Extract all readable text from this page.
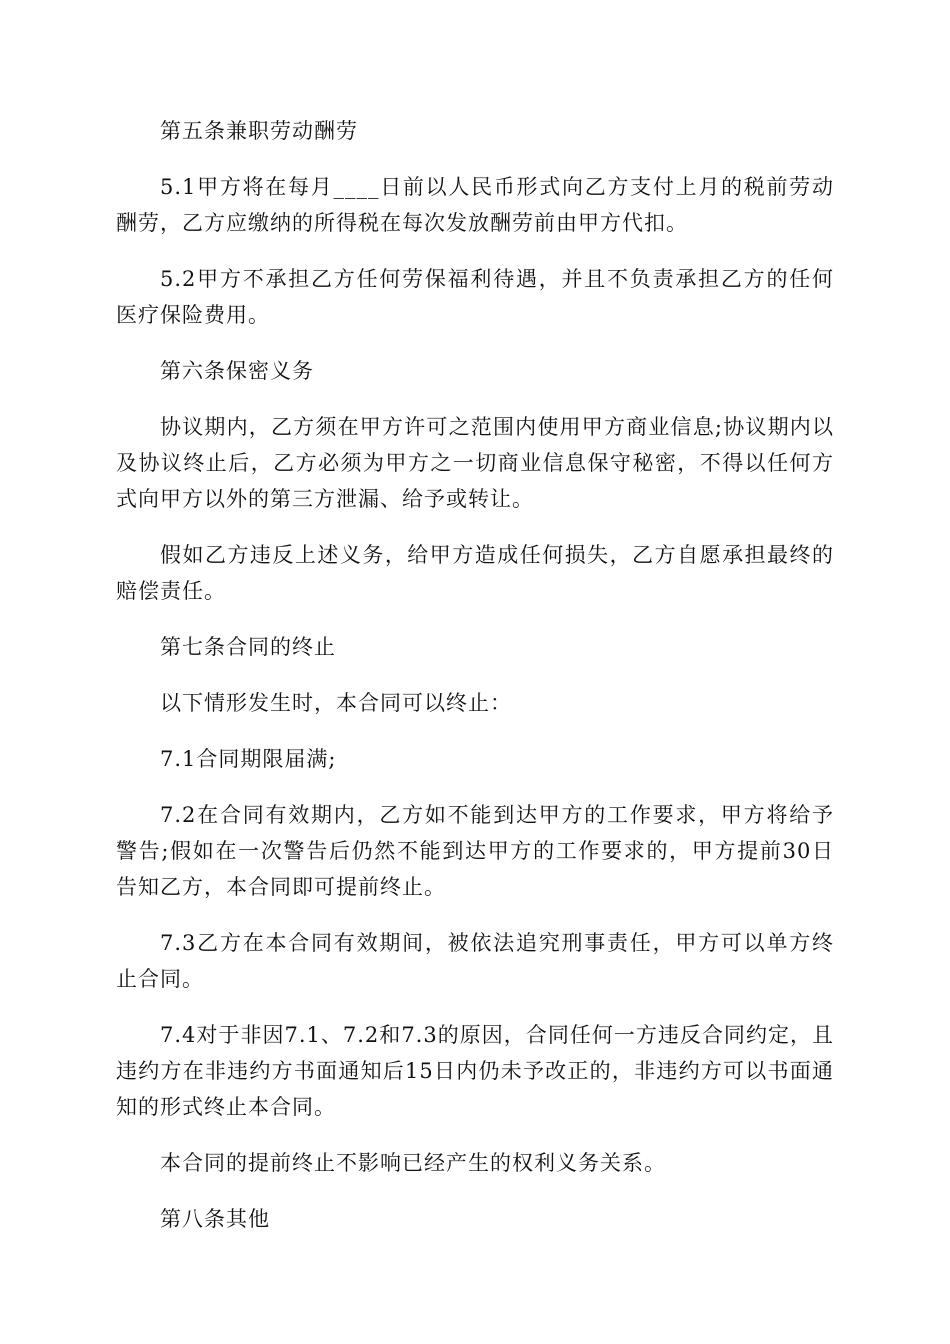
第五条兼职劳动酬劳

5.1甲方将在每月____日前以人民币形式向乙方支付上月的税前劳动酬劳，乙方应缴纳的所得税在每次发放酬劳前由甲方代扣。

5.2甲方不承担乙方任何劳保福利待遇，并且不负责承担乙方的任何医疗保险费用。

第六条保密义务

协议期内，乙方须在甲方许可之范围内使用甲方商业信息;协议期内以及协议终止后，乙方必须为甲方之一切商业信息保守秘密，不得以任何方式向甲方以外的第三方泄漏、给予或转让。

假如乙方违反上述义务，给甲方造成任何损失，乙方自愿承担最终的赔偿责任。

第七条合同的终止

以下情形发生时，本合同可以终止：

7.1合同期限届满;

7.2在合同有效期内，乙方如不能到达甲方的工作要求，甲方将给予警告;假如在一次警告后仍然不能到达甲方的工作要求的，甲方提前30日告知乙方，本合同即可提前终止。

7.3乙方在本合同有效期间，被依法追究刑事责任，甲方可以单方终止合同。

7.4对于非因7.1、7.2和7.3的原因，合同任何一方违反合同约定，且违约方在非违约方书面通知后15日内仍未予改正的，非违约方可以书面通知的形式终止本合同。

本合同的提前终止不影响已经产生的权利义务关系。

第八条其他
